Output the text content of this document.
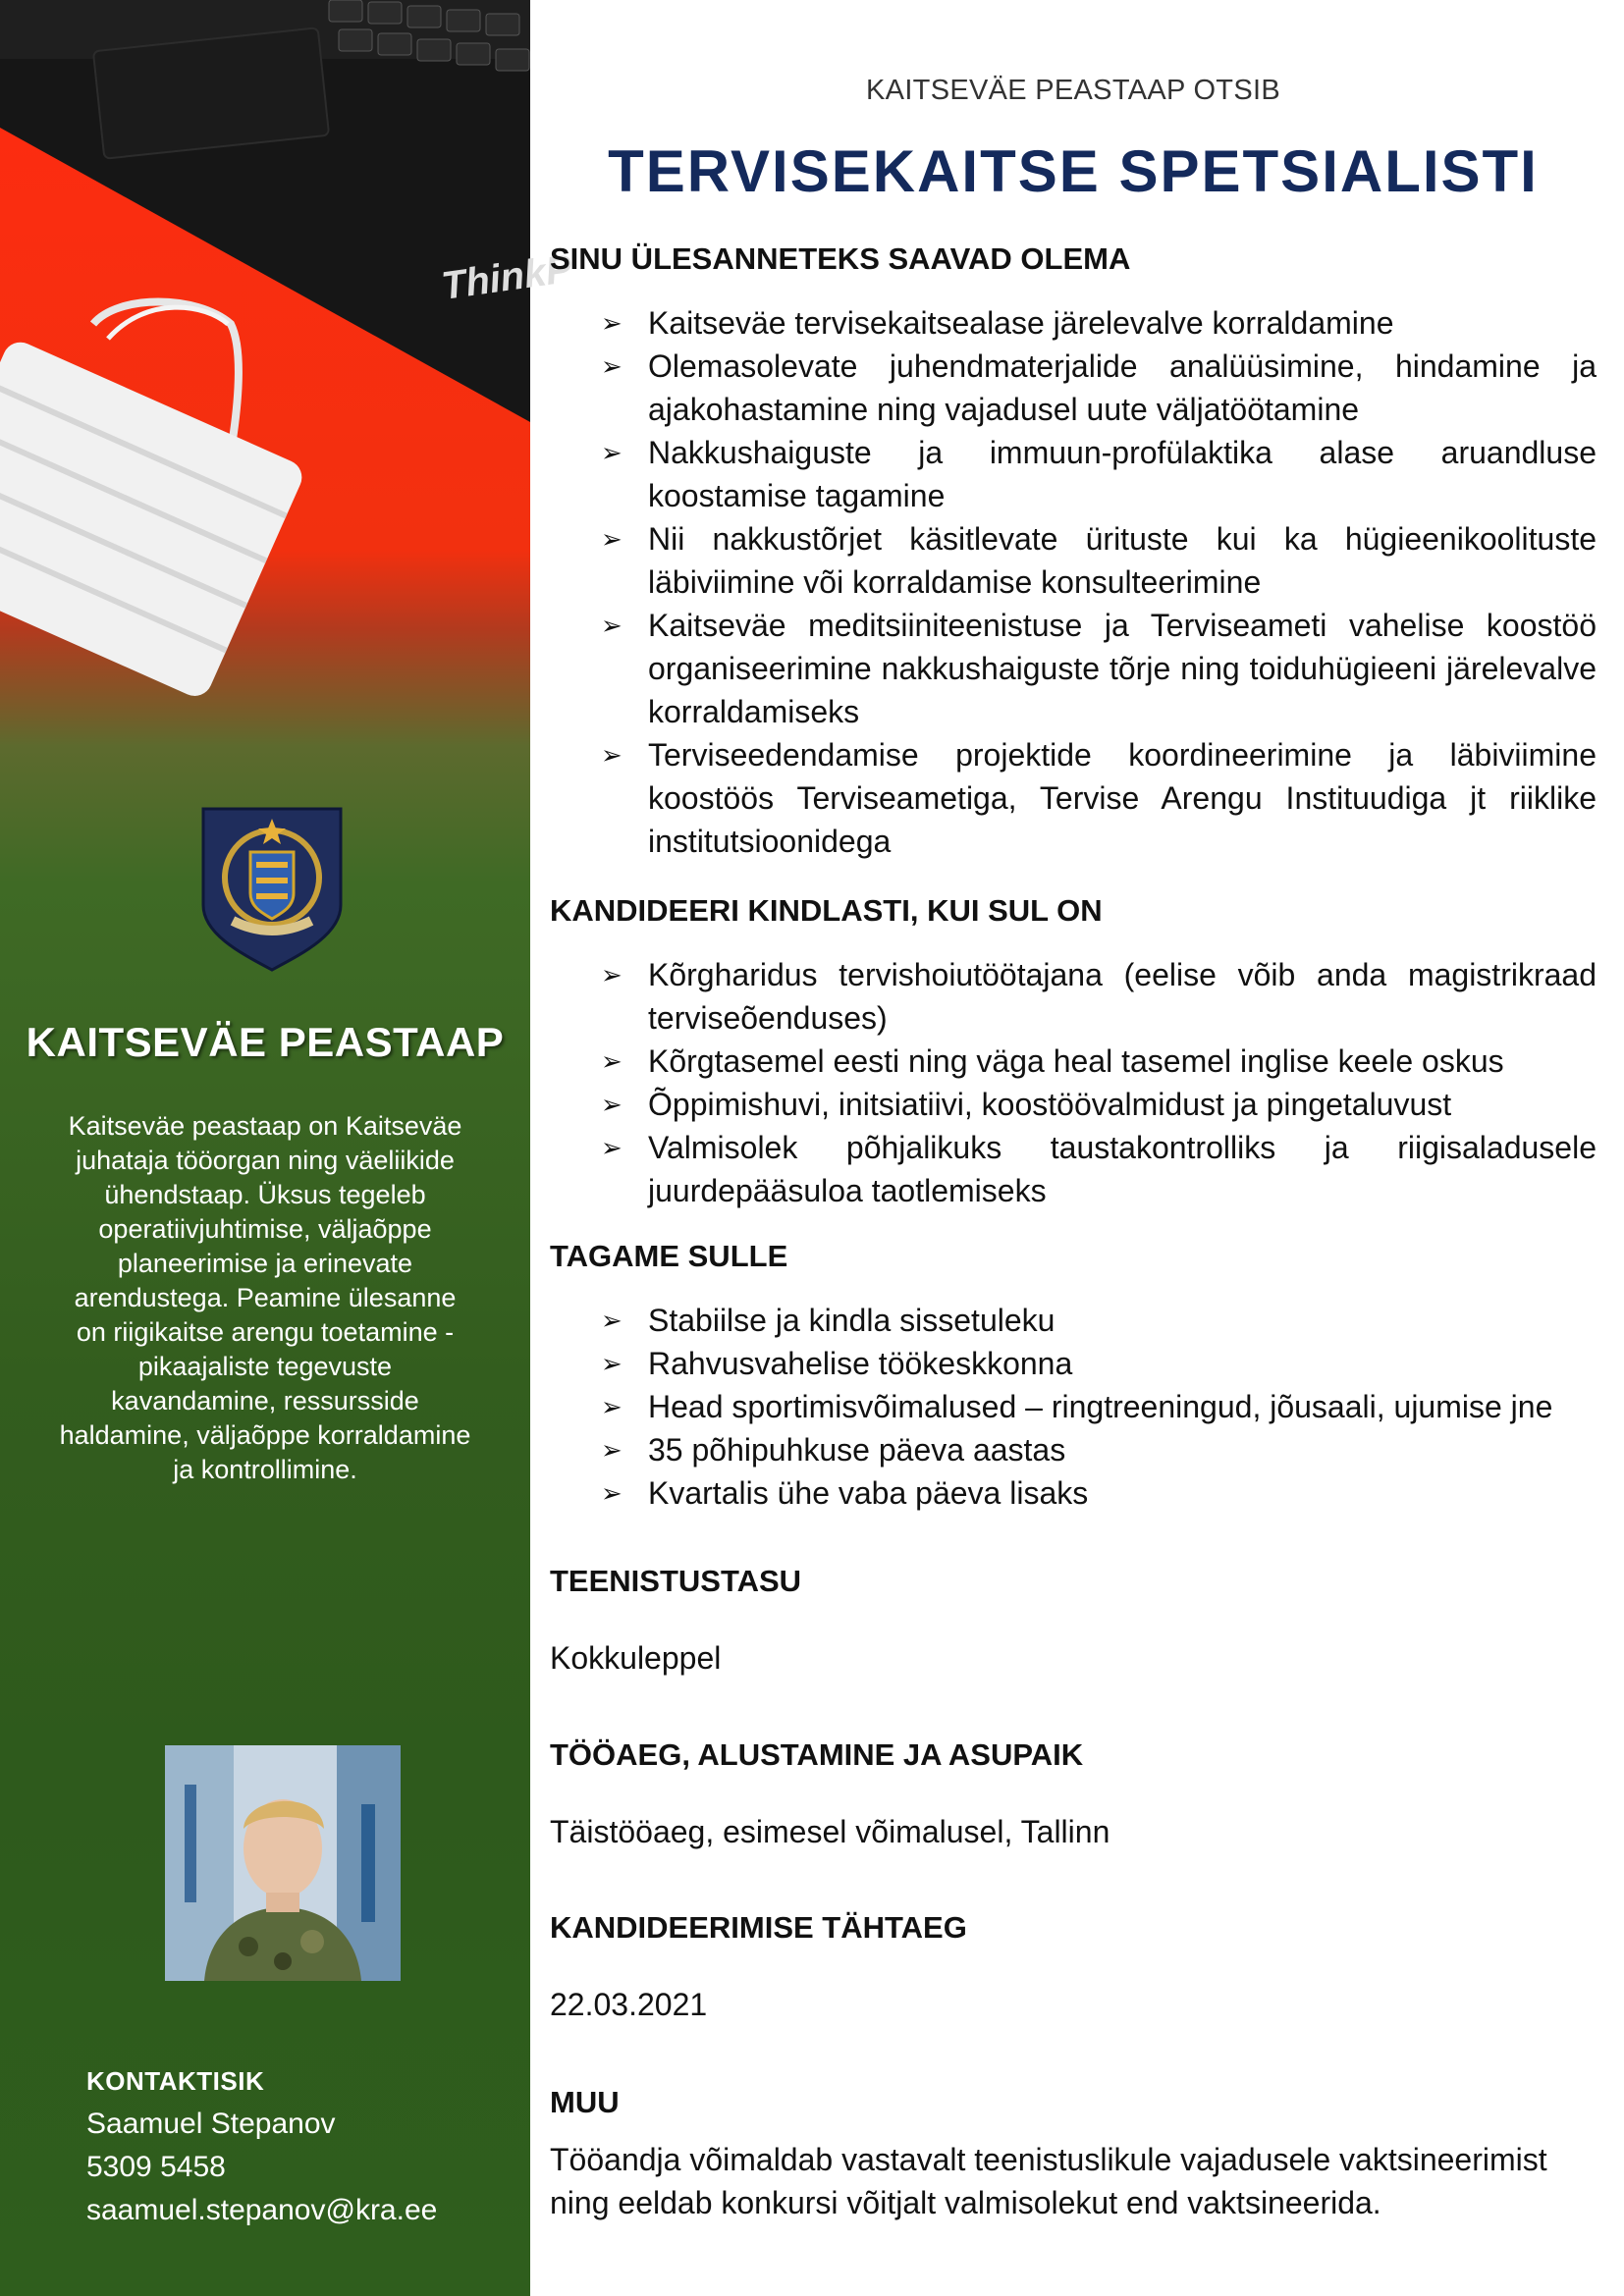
ThinkP
KAITSEVÄE PEASTAAP
Kaitseväe peastaap on Kaitseväe juhataja tööorgan ning väeliikide ühendstaap. Üksus tegeleb operatiivjuhtimise, väljaõppe planeerimise ja erinevate arendustega. Peamine ülesanne on riigikaitse arengu toetamine - pikaajaliste tegevuste kavandamine, ressursside haldamine, väljaõppe korraldamine ja kontrollimine.
KONTAKTISIK
Saamuel Stepanov
5309 5458
saamuel.stepanov@kra.ee
KAITSEVÄE PEASTAAP OTSIB
TERVISEKAITSE SPETSIALISTI
SINU ÜLESANNETEKS SAAVAD OLEMA
➢ Kaitseväe tervisekaitsealase järelevalve korraldamine
➢ Olemasolevate juhendmaterjalide analüüsimine, hindamine ja ajakohastamine ning vajadusel uute väljatöötamine
➢ Nakkushaiguste ja immuun-profülaktika alase aruandluse koostamise tagamine
➢ Nii nakkustõrjet käsitlevate ürituste kui ka hügieenikoolituste läbiviimine või korraldamise konsulteerimine
➢ Kaitseväe meditsiiniteenistuse ja Terviseameti vahelise koostöö organiseerimine nakkushaiguste tõrje ning toiduhügieeni järelevalve korraldamiseks
➢ Terviseedendamise projektide koordineerimine ja läbiviimine koostöös Terviseametiga, Tervise Arengu Instituudiga jt riiklike institutsioonidega
KANDIDEERI KINDLASTI, KUI SUL ON
➢ Kõrgharidus tervishoiutöötajana (eelise võib anda magistrikraad terviseõenduses)
➢ Kõrgtasemel eesti ning väga heal tasemel inglise keele oskus
➢ Õppimishuvi, initsiatiivi, koostöövalmidust ja pingetaluvust
➢ Valmisolek põhjalikuks taustakontrolliks ja riigisaladusele juurdepääsuloa taotlemiseks
TAGAME SULLE
➢ Stabiilse ja kindla sissetuleku
➢ Rahvusvahelise töökeskkonna
➢ Head sportimisvõimalused – ringtreeningud, jõusaali, ujumise jne
➢ 35 põhipuhkuse päeva aastas
➢ Kvartalis ühe vaba päeva lisaks
TEENISTUSTASU
Kokkuleppel
TÖÖAEG, ALUSTAMINE JA ASUPAIK
Täistööaeg, esimesel võimalusel, Tallinn
KANDIDEERIMISE TÄHTAEG
22.03.2021
MUU
Tööandja võimaldab vastavalt teenistuslikule vajadusele vaktsineerimist ning eeldab konkursi võitjalt valmisolekut end vaktsineerida.
